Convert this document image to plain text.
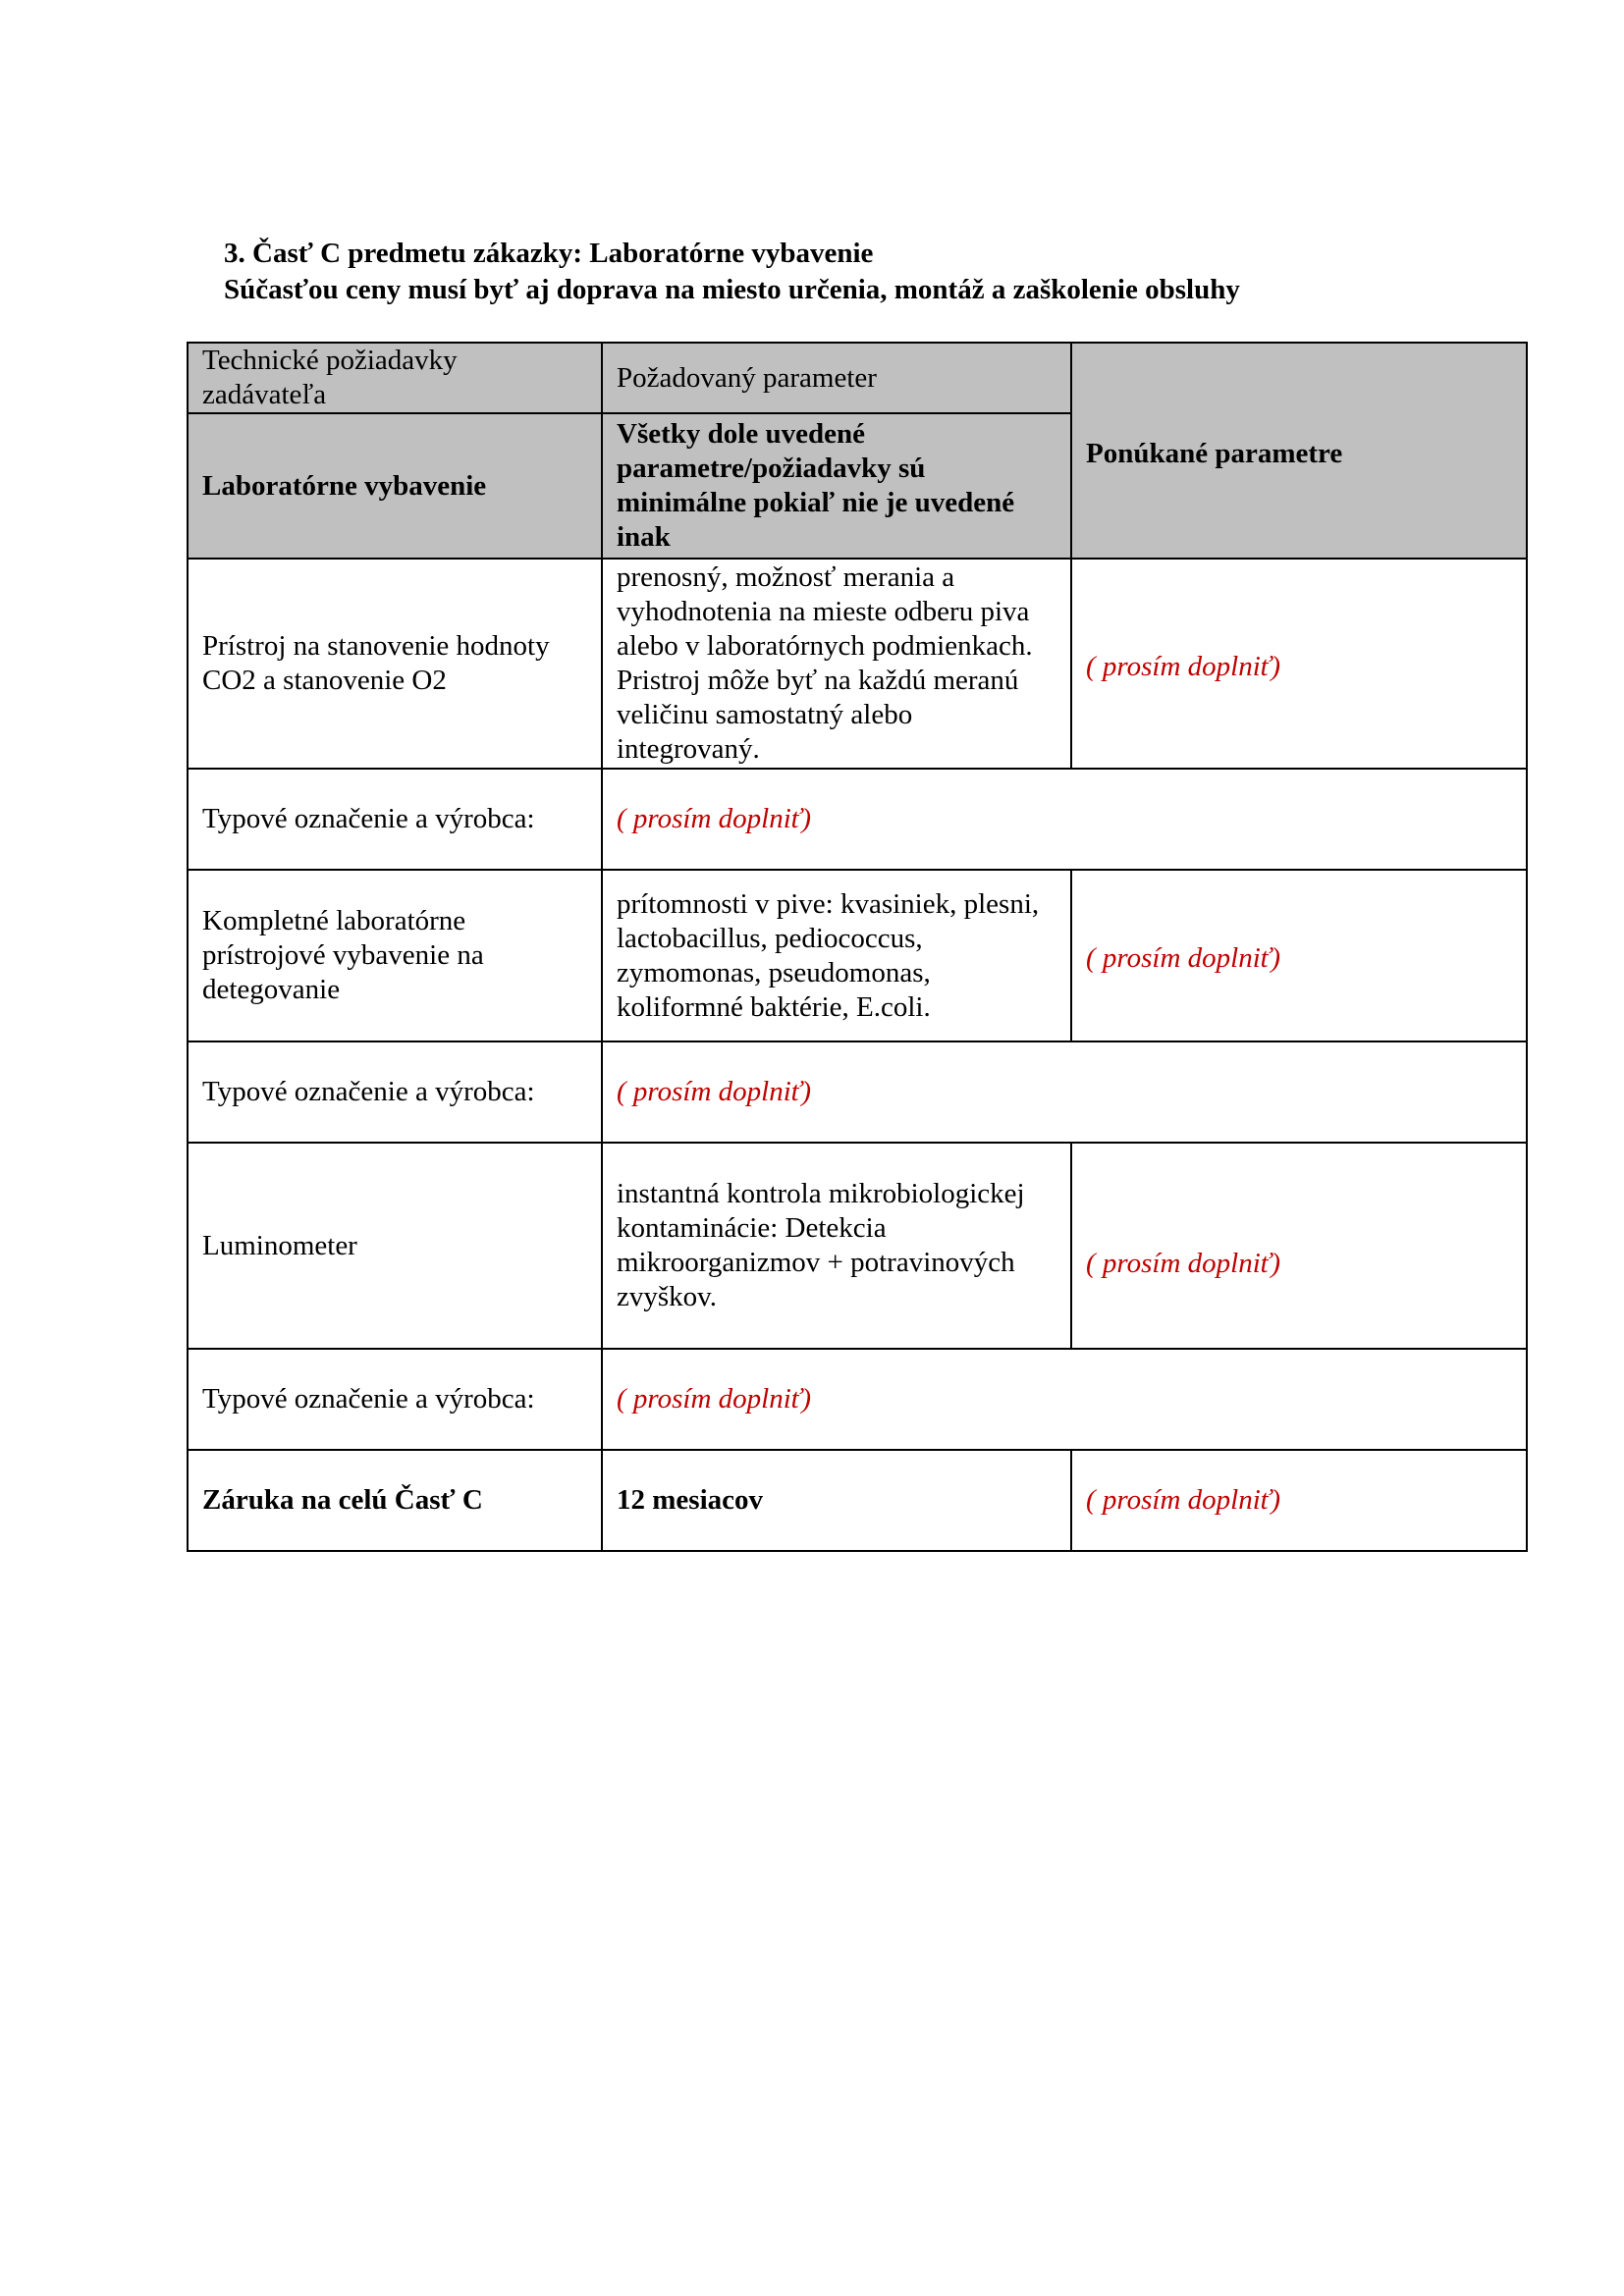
3. Časť C predmetu zákazky: Laboratórne vybavenie
Súčasťou ceny musí byť aj doprava na miesto určenia, montáž a zaškolenie obsluhy
Technické požiadavky zadávateľa	Požadovaný parameter	Ponúkané parametre
Laboratórne vybavenie	Všetky dole uvedené parametre/požiadavky sú minimálne pokiaľ nie je uvedené inak	
Prístroj na stanovenie hodnoty CO2 a stanovenie O2	prenosný, možnosť merania a vyhodnotenia na mieste odberu piva alebo v laboratórnych podmienkach. Pristroj môže byť na každú meranú veličinu samostatný alebo integrovaný.	( prosím doplniť)
Typové označenie a výrobca:	( prosím doplniť)	
Kompletné laboratórne prístrojové vybavenie na detegovanie	prítomnosti v pive: kvasiniek, plesni, lactobacillus, pediococcus, zymomonas, pseudomonas, koliformné baktérie, E.coli.	( prosím doplniť)
Typové označenie a výrobca:	( prosím doplniť)	
Luminometer	instantná kontrola mikrobiologickej kontaminácie: Detekcia mikroorganizmov + potravinových zvyškov.	( prosím doplniť)
Typové označenie a výrobca:	( prosím doplniť)	
Záruka na celú Časť C	12 mesiacov	( prosím doplniť)
